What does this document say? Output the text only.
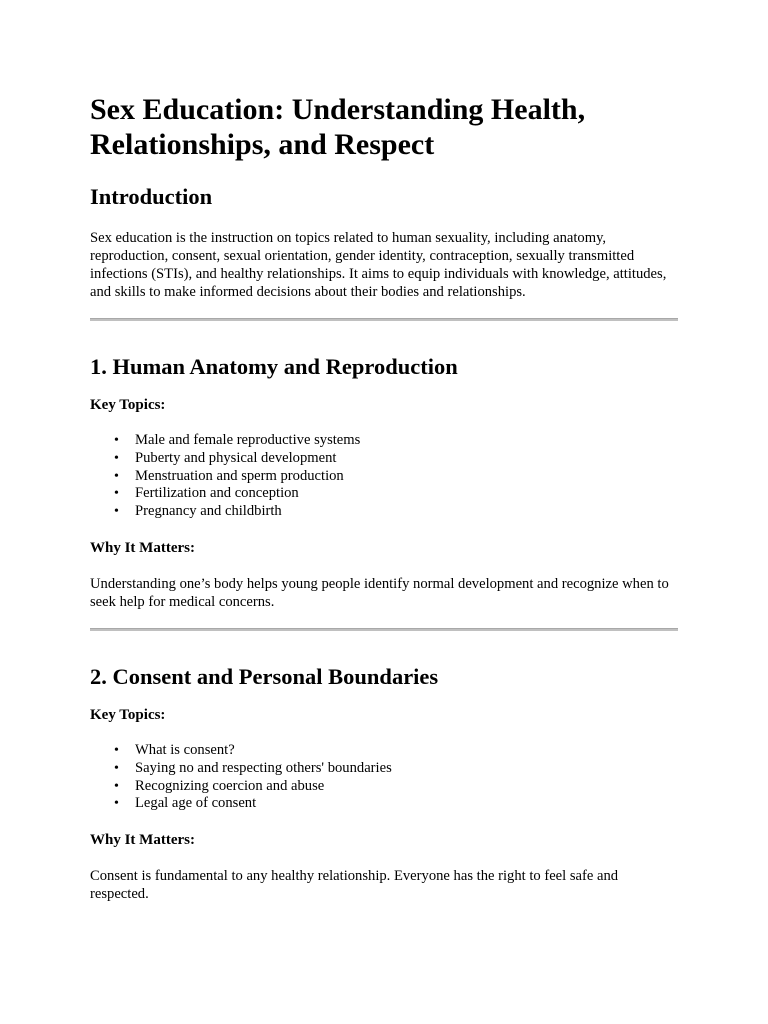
Sex Education: Understanding Health, Relationships, and Respect
Introduction

Sex education is the instruction on topics related to human sexuality, including anatomy, reproduction, consent, sexual orientation, gender identity, contraception, sexually transmitted infections (STIs), and healthy relationships. It aims to equip individuals with knowledge, attitudes, and skills to make informed decisions about their bodies and relationships.

1. Human Anatomy and Reproduction
Key Topics:
• Male and female reproductive systems
• Puberty and physical development
• Menstruation and sperm production
• Fertilization and conception
• Pregnancy and childbirth
Why It Matters:

Understanding one’s body helps young people identify normal development and recognize when to seek help for medical concerns.

2. Consent and Personal Boundaries
Key Topics:
• What is consent?
• Saying no and respecting others' boundaries
• Recognizing coercion and abuse
• Legal age of consent
Why It Matters:

Consent is fundamental to any healthy relationship. Everyone has the right to feel safe and respected.
